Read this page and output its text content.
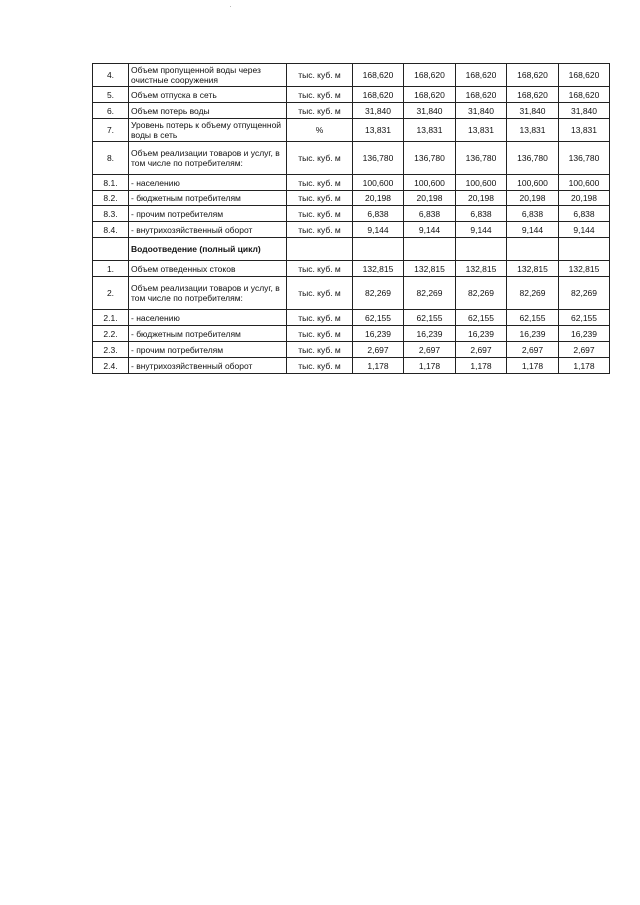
4.	Объем пропущенной воды через очистные сооружения	тыс. куб. м	168,620	168,620	168,620	168,620	168,620
5.	Объем отпуска в сеть	тыс. куб. м	168,620	168,620	168,620	168,620	168,620
6.	Объем потерь воды	тыс. куб. м	31,840	31,840	31,840	31,840	31,840
7.	Уровень потерь к объему отпущенной воды в сеть	%	13,831	13,831	13,831	13,831	13,831
8.	Объем реализации товаров и услуг, в том числе по потребителям:	тыс. куб. м	136,780	136,780	136,780	136,780	136,780
8.1.	- населению	тыс. куб. м	100,600	100,600	100,600	100,600	100,600
8.2.	- бюджетным потребителям	тыс. куб. м	20,198	20,198	20,198	20,198	20,198
8.3.	- прочим потребителям	тыс. куб. м	6,838	6,838	6,838	6,838	6,838
8.4.	- внутрихозяйственный оборот	тыс. куб. м	9,144	9,144	9,144	9,144	9,144
	Водоотведение (полный цикл)						
1.	Объем отведенных стоков	тыс. куб. м	132,815	132,815	132,815	132,815	132,815
2.	Объем реализации товаров и услуг, в том числе по потребителям:	тыс. куб. м	82,269	82,269	82,269	82,269	82,269
2.1.	- населению	тыс. куб. м	62,155	62,155	62,155	62,155	62,155
2.2.	- бюджетным потребителям	тыс. куб. м	16,239	16,239	16,239	16,239	16,239
2.3.	- прочим потребителям	тыс. куб. м	2,697	2,697	2,697	2,697	2,697
2.4.	- внутрихозяйственный оборот	тыс. куб. м	1,178	1,178	1,178	1,178	1,178
